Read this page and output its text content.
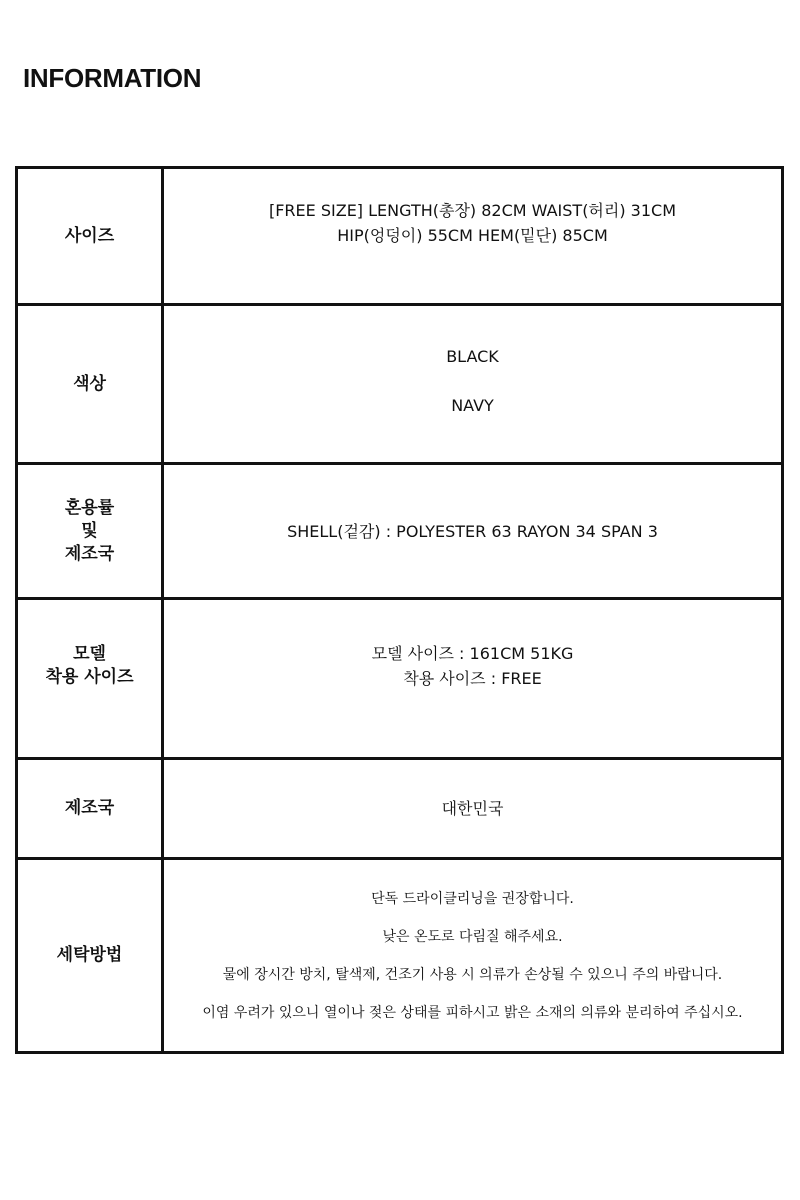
INFORMATION
사이즈
[FREE SIZE] LENGTH(총장) 82CM WAIST(허리) 31CM
HIP(엉덩이) 55CM HEM(밑단) 85CM
색상
BLACK
NAVY
혼용률
및
제조국
SHELL(겉감) : POLYESTER 63 RAYON 34 SPAN 3
모델
착용 사이즈
모델 사이즈 : 161CM 51KG
착용 사이즈 : FREE
제조국	대한민국
세탁방법
단독 드라이클리닝을 권장합니다.
낮은 온도로 다림질 해주세요.
물에 장시간 방치, 탈색제, 건조기 사용 시 의류가 손상될 수 있으니 주의 바랍니다.
이염 우려가 있으니 열이나 젖은 상태를 피하시고 밝은 소재의 의류와 분리하여 주십시오.
